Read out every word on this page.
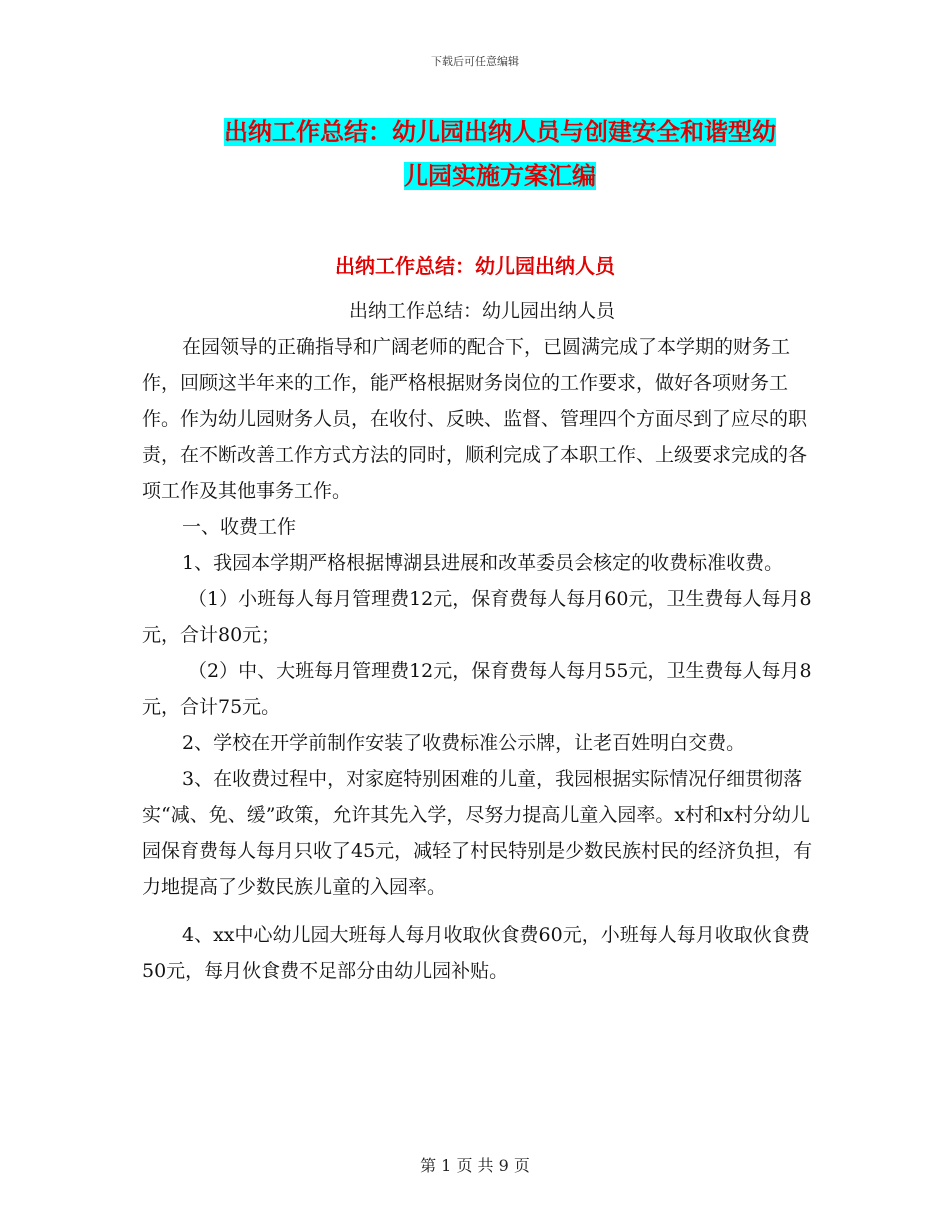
下载后可任意编辑
出纳工作总结：幼儿园出纳人员与创建安全和谐型幼
儿园实施方案汇编
出纳工作总结：幼儿园出纳人员

出纳工作总结：幼儿园出纳人员

在园领导的正确指导和广阔老师的配合下，已圆满完成了本学期的财务工作，回顾这半年来的工作，能严格根据财务岗位的工作要求，做好各项财务工作。作为幼儿园财务人员，在收付、反映、监督、管理四个方面尽到了应尽的职责，在不断改善工作方式方法的同时，顺利完成了本职工作、上级要求完成的各项工作及其他事务工作。

一、收费工作

1、我园本学期严格根据博湖县进展和改革委员会核定的收费标准收费。

（1）小班每人每月管理费12元，保育费每人每月60元，卫生费每人每月8元，合计80元；

（2）中、大班每月管理费12元，保育费每人每月55元，卫生费每人每月8元，合计75元。

2、学校在开学前制作安装了收费标准公示牌，让老百姓明白交费。

3、在收费过程中，对家庭特别困难的儿童，我园根据实际情况仔细贯彻落实“减、免、缓”政策，允许其先入学，尽努力提高儿童入园率。x村和x村分幼儿园保育费每人每月只收了45元，减轻了村民特别是少数民族村民的经济负担，有力地提高了少数民族儿童的入园率。

4、xx中心幼儿园大班每人每月收取伙食费60元，小班每人每月收取伙食费50元，每月伙食费不足部分由幼儿园补贴。

第 1 页 共 9 页
